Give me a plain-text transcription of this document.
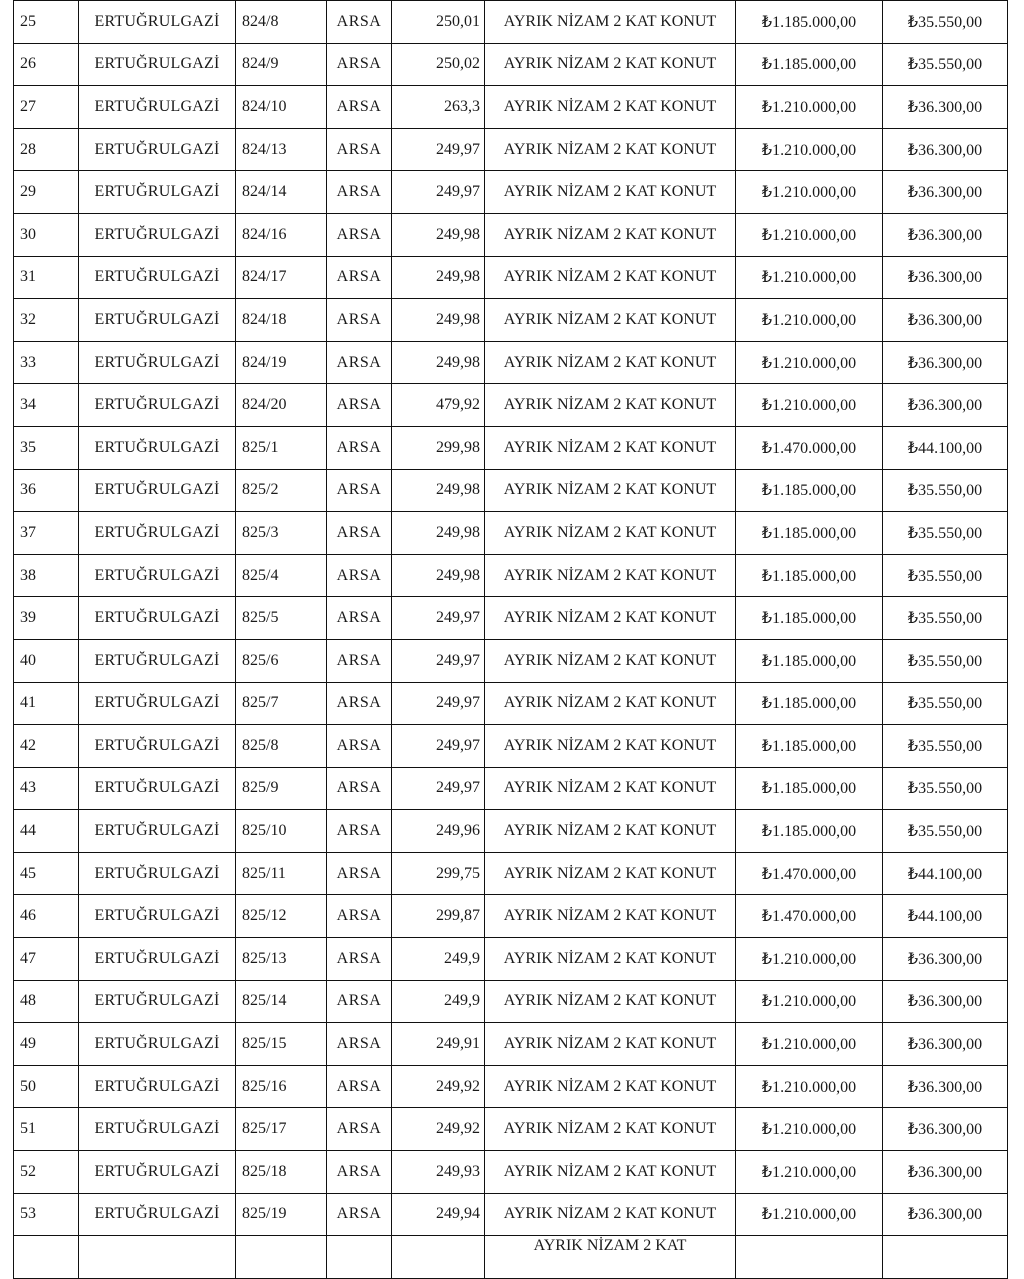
25	ERTUĞRULGAZİ	824/8	ARSA	250,01	AYRIK NİZAM 2 KAT KONUT	₺1.185.000,00	₺35.550,00
26	ERTUĞRULGAZİ	824/9	ARSA	250,02	AYRIK NİZAM 2 KAT KONUT	₺1.185.000,00	₺35.550,00
27	ERTUĞRULGAZİ	824/10	ARSA	263,3	AYRIK NİZAM 2 KAT KONUT	₺1.210.000,00	₺36.300,00
28	ERTUĞRULGAZİ	824/13	ARSA	249,97	AYRIK NİZAM 2 KAT KONUT	₺1.210.000,00	₺36.300,00
29	ERTUĞRULGAZİ	824/14	ARSA	249,97	AYRIK NİZAM 2 KAT KONUT	₺1.210.000,00	₺36.300,00
30	ERTUĞRULGAZİ	824/16	ARSA	249,98	AYRIK NİZAM 2 KAT KONUT	₺1.210.000,00	₺36.300,00
31	ERTUĞRULGAZİ	824/17	ARSA	249,98	AYRIK NİZAM 2 KAT KONUT	₺1.210.000,00	₺36.300,00
32	ERTUĞRULGAZİ	824/18	ARSA	249,98	AYRIK NİZAM 2 KAT KONUT	₺1.210.000,00	₺36.300,00
33	ERTUĞRULGAZİ	824/19	ARSA	249,98	AYRIK NİZAM 2 KAT KONUT	₺1.210.000,00	₺36.300,00
34	ERTUĞRULGAZİ	824/20	ARSA	479,92	AYRIK NİZAM 2 KAT KONUT	₺1.210.000,00	₺36.300,00
35	ERTUĞRULGAZİ	825/1	ARSA	299,98	AYRIK NİZAM 2 KAT KONUT	₺1.470.000,00	₺44.100,00
36	ERTUĞRULGAZİ	825/2	ARSA	249,98	AYRIK NİZAM 2 KAT KONUT	₺1.185.000,00	₺35.550,00
37	ERTUĞRULGAZİ	825/3	ARSA	249,98	AYRIK NİZAM 2 KAT KONUT	₺1.185.000,00	₺35.550,00
38	ERTUĞRULGAZİ	825/4	ARSA	249,98	AYRIK NİZAM 2 KAT KONUT	₺1.185.000,00	₺35.550,00
39	ERTUĞRULGAZİ	825/5	ARSA	249,97	AYRIK NİZAM 2 KAT KONUT	₺1.185.000,00	₺35.550,00
40	ERTUĞRULGAZİ	825/6	ARSA	249,97	AYRIK NİZAM 2 KAT KONUT	₺1.185.000,00	₺35.550,00
41	ERTUĞRULGAZİ	825/7	ARSA	249,97	AYRIK NİZAM 2 KAT KONUT	₺1.185.000,00	₺35.550,00
42	ERTUĞRULGAZİ	825/8	ARSA	249,97	AYRIK NİZAM 2 KAT KONUT	₺1.185.000,00	₺35.550,00
43	ERTUĞRULGAZİ	825/9	ARSA	249,97	AYRIK NİZAM 2 KAT KONUT	₺1.185.000,00	₺35.550,00
44	ERTUĞRULGAZİ	825/10	ARSA	249,96	AYRIK NİZAM 2 KAT KONUT	₺1.185.000,00	₺35.550,00
45	ERTUĞRULGAZİ	825/11	ARSA	299,75	AYRIK NİZAM 2 KAT KONUT	₺1.470.000,00	₺44.100,00
46	ERTUĞRULGAZİ	825/12	ARSA	299,87	AYRIK NİZAM 2 KAT KONUT	₺1.470.000,00	₺44.100,00
47	ERTUĞRULGAZİ	825/13	ARSA	249,9	AYRIK NİZAM 2 KAT KONUT	₺1.210.000,00	₺36.300,00
48	ERTUĞRULGAZİ	825/14	ARSA	249,9	AYRIK NİZAM 2 KAT KONUT	₺1.210.000,00	₺36.300,00
49	ERTUĞRULGAZİ	825/15	ARSA	249,91	AYRIK NİZAM 2 KAT KONUT	₺1.210.000,00	₺36.300,00
50	ERTUĞRULGAZİ	825/16	ARSA	249,92	AYRIK NİZAM 2 KAT KONUT	₺1.210.000,00	₺36.300,00
51	ERTUĞRULGAZİ	825/17	ARSA	249,92	AYRIK NİZAM 2 KAT KONUT	₺1.210.000,00	₺36.300,00
52	ERTUĞRULGAZİ	825/18	ARSA	249,93	AYRIK NİZAM 2 KAT KONUT	₺1.210.000,00	₺36.300,00
53	ERTUĞRULGAZİ	825/19	ARSA	249,94	AYRIK NİZAM 2 KAT KONUT	₺1.210.000,00	₺36.300,00
					AYRIK NİZAM 2 KAT		
